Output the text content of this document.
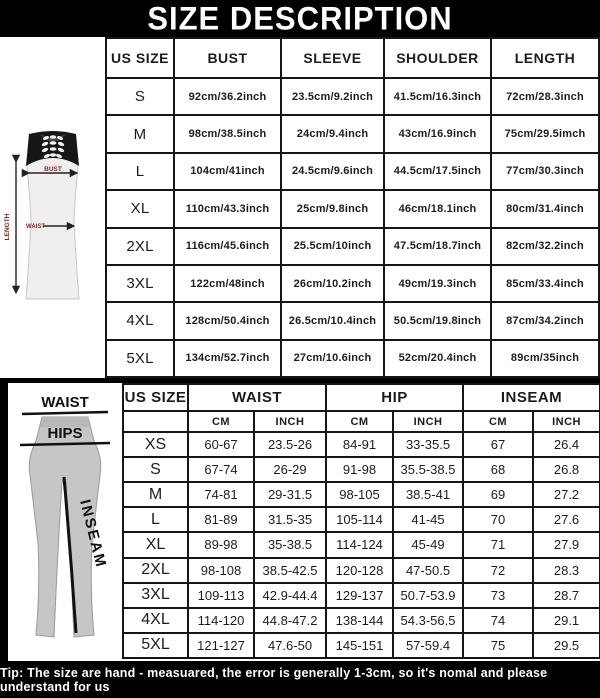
SIZE DESCRIPTION
BUST
WAIST
LENGTH
US SIZE	BUST	SLEEVE	SHOULDER	LENGTH
S	92cm/36.2inch	23.5cm/9.2inch	41.5cm/16.3inch	72cm/28.3inch
M	98cm/38.5inch	24cm/9.4inch	43cm/16.9inch	75cm/29.5imch
L	104cm/41inch	24.5cm/9.6inch	44.5cm/17.5inch	77cm/30.3inch
XL	110cm/43.3inch	25cm/9.8inch	46cm/18.1inch	80cm/31.4inch
2XL	116cm/45.6inch	25.5cm/10inch	47.5cm/18.7inch	82cm/32.2inch
3XL	122cm/48inch	26cm/10.2inch	49cm/19.3inch	85cm/33.4inch
4XL	128cm/50.4inch	26.5cm/10.4inch	50.5cm/19.8inch	87cm/34.2inch
5XL	134cm/52.7inch	27cm/10.6inch	52cm/20.4inch	89cm/35inch
WAIST
HIPS
INSEAM
US SIZE	WAIST		HIP		INSEAM	
	CM	INCH	CM	INCH	CM	INCH
XS	60-67	23.5-26	84-91	33-35.5	67	26.4
S	67-74	26-29	91-98	35.5-38.5	68	26.8
M	74-81	29-31.5	98-105	38.5-41	69	27.2
L	81-89	31.5-35	105-114	41-45	70	27.6
XL	89-98	35-38.5	114-124	45-49	71	27.9
2XL	98-108	38.5-42.5	120-128	47-50.5	72	28.3
3XL	109-113	42.9-44.4	129-137	50.7-53.9	73	28.7
4XL	114-120	44.8-47.2	138-144	54.3-56.5	74	29.1
5XL	121-127	47.6-50	145-151	57-59.4	75	29.5
Tip: The size are hand - measuared, the error is generally 1-3cm, so it's nomal and please understand for us
